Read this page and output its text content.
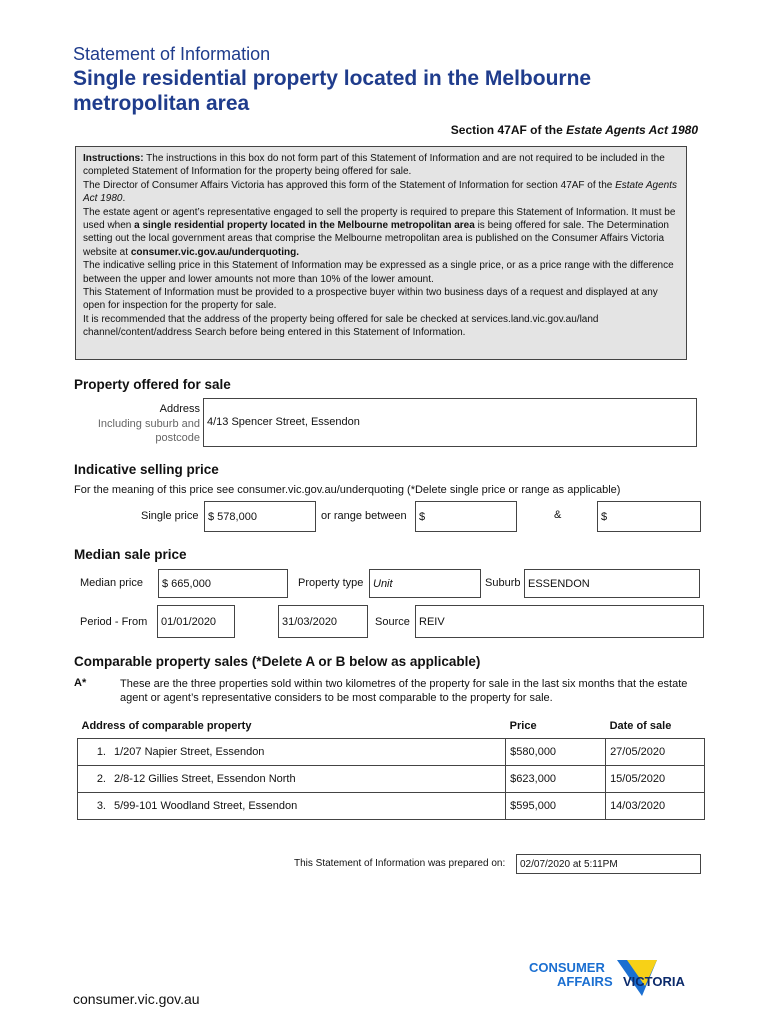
Statement of Information
Single residential property located in the Melbourne metropolitan area
Section 47AF of the Estate Agents Act 1980

Instructions: The instructions in this box do not form part of this Statement of Information and are not required to be included in the completed Statement of Information for the property being offered for sale.

The Director of Consumer Affairs Victoria has approved this form of the Statement of Information for section 47AF of the Estate Agents Act 1980.

The estate agent or agent’s representative engaged to sell the property is required to prepare this Statement of Information. It must be used when a single residential property located in the Melbourne metropolitan area is being offered for sale. The Determination setting out the local government areas that comprise the Melbourne metropolitan area is published on the Consumer Affairs Victoria website at consumer.vic.gov.au/underquoting.

The indicative selling price in this Statement of Information may be expressed as a single price, or as a price range with the difference between the upper and lower amounts not more than 10% of the lower amount.

This Statement of Information must be provided to a prospective buyer within two business days of a request and displayed at any open for inspection for the property for sale.

It is recommended that the address of the property being offered for sale be checked at services.land.vic.gov.au/land channel/content/address Search before being entered in this Statement of Information.

Property offered for sale
Address
Including suburb and
postcode
4/13 Spencer Street, Essendon
Indicative selling price
For the meaning of this price see consumer.vic.gov.au/underquoting (*Delete single price or range as applicable)
Single price $ 578,000	or range between	$	&	$
Median sale price
Median price	$ 665,000	Property type Unit	Suburb ESSENDON
Period - From	01/01/2020	31/03/2020	Source REIV
Comparable property sales (*Delete A or B below as applicable)
A*	These are the three properties sold within two kilometres of the property for sale in the last six months that the estate agent or agent’s representative considers to be most comparable to the property for sale.
Address of comparable property	Price	Date of sale
1. 1/207 Napier Street, Essendon	$580,000	27/05/2020
2. 2/8-12 Gillies Street, Essendon North	$623,000	15/05/2020
3. 5/99-101 Woodland Street, Essendon	$595,000	14/03/2020
This Statement of Information was prepared on:	02/07/2020 at 5:11PM
CONSUMER
AFFAIRS VICTORIA
consumer.vic.gov.au
